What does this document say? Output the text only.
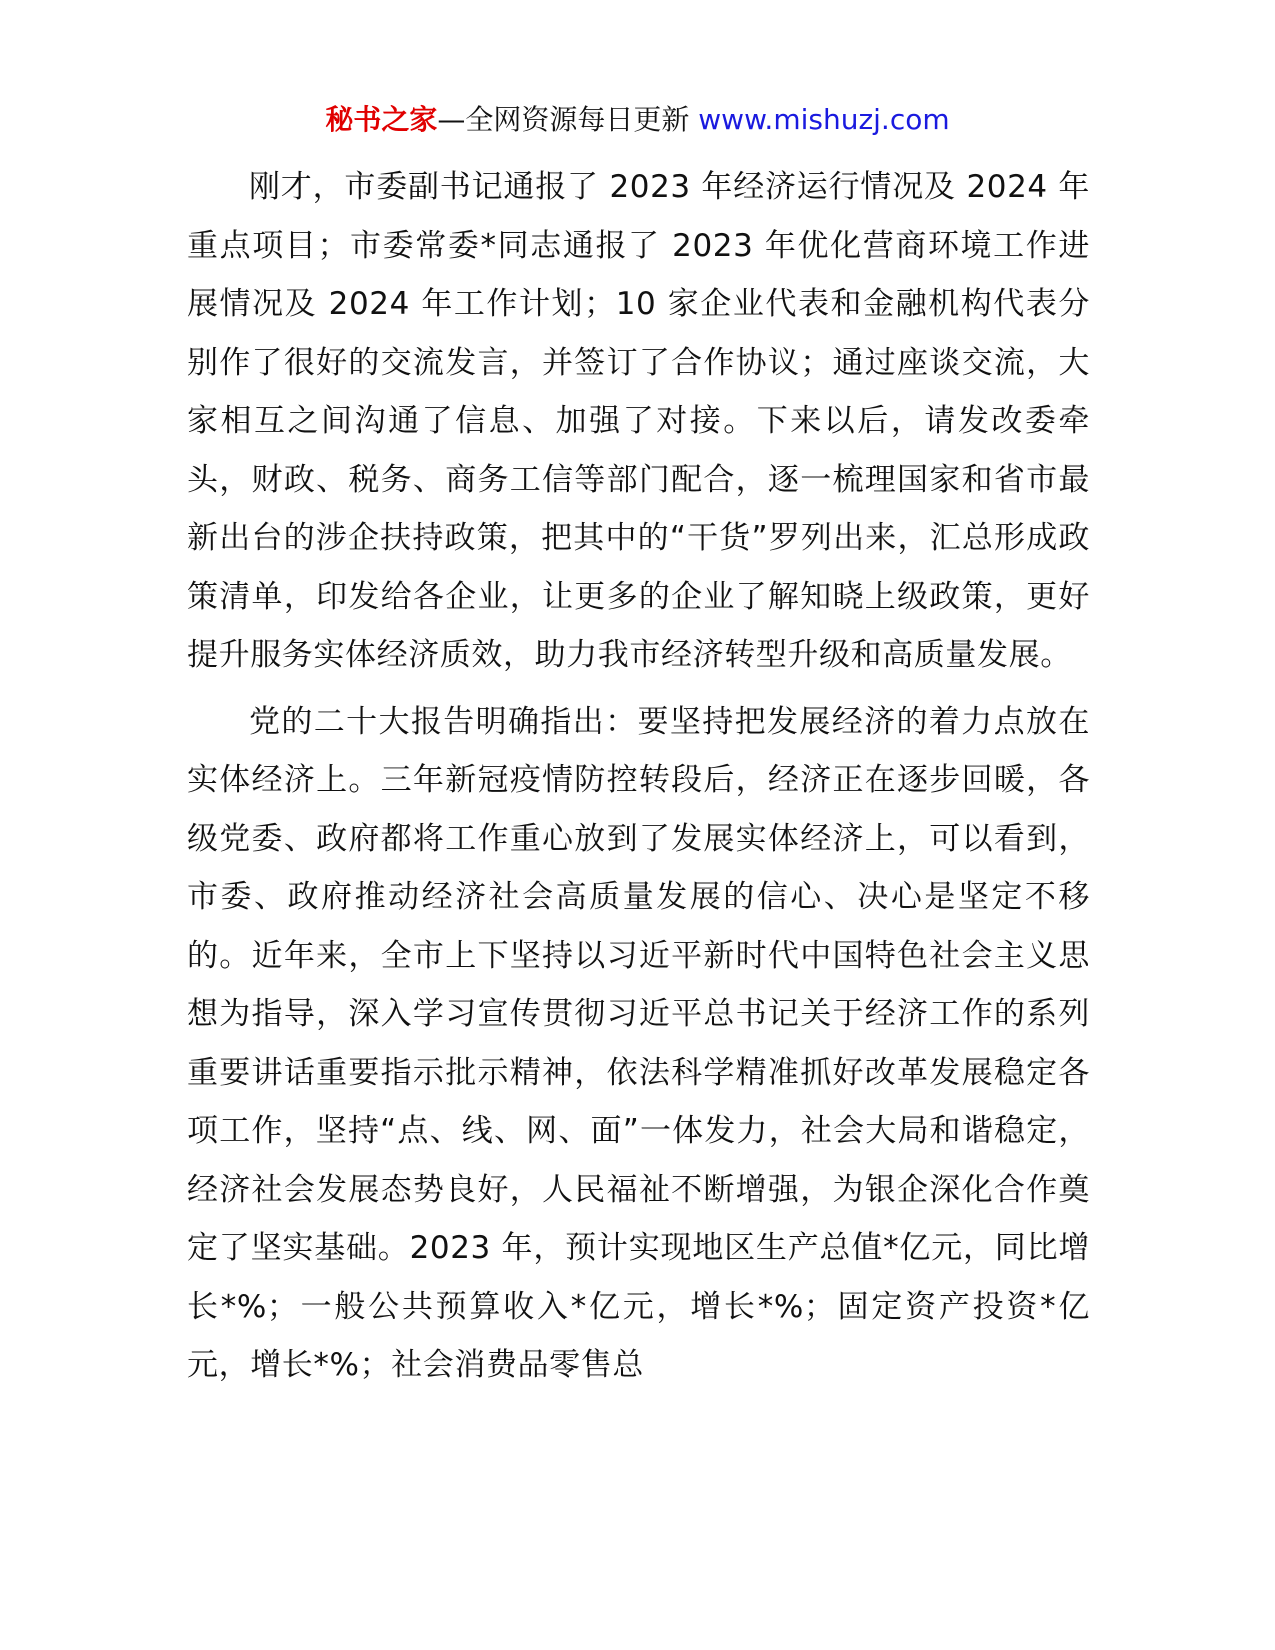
秘书之家—全网资源每日更新 www.mishuzj.com

刚才，市委副书记通报了 2023 年经济运行情况及 2024 年重点项目；市委常委*同志通报了 2023 年优化营商环境工作进展情况及 2024 年工作计划；10 家企业代表和金融机构代表分别作了很好的交流发言，并签订了合作协议；通过座谈交流，大家相互之间沟通了信息、加强了对接。下来以后，请发改委牵头，财政、税务、商务工信等部门配合，逐一梳理国家和省市最新出台的涉企扶持政策，把其中的“干货”罗列出来，汇总形成政策清单，印发给各企业，让更多的企业了解知晓上级政策，更好提升服务实体经济质效，助力我市经济转型升级和高质量发展。

党的二十大报告明确指出：要坚持把发展经济的着力点放在实体经济上。三年新冠疫情防控转段后，经济正在逐步回暖，各级党委、政府都将工作重心放到了发展实体经济上，可以看到，市委、政府推动经济社会高质量发展的信心、决心是坚定不移的。近年来，全市上下坚持以习近平新时代中国特色社会主义思想为指导，深入学习宣传贯彻习近平总书记关于经济工作的系列重要讲话重要指示批示精神，依法科学精准抓好改革发展稳定各项工作，坚持“点、线、网、面”一体发力，社会大局和谐稳定，经济社会发展态势良好，人民福祉不断增强，为银企深化合作奠定了坚实基础。2023 年，预计实现地区生产总值*亿元，同比增长*%；一般公共预算收入*亿元，增长*%；固定资产投资*亿元，增长*%；社会消费品零售总
